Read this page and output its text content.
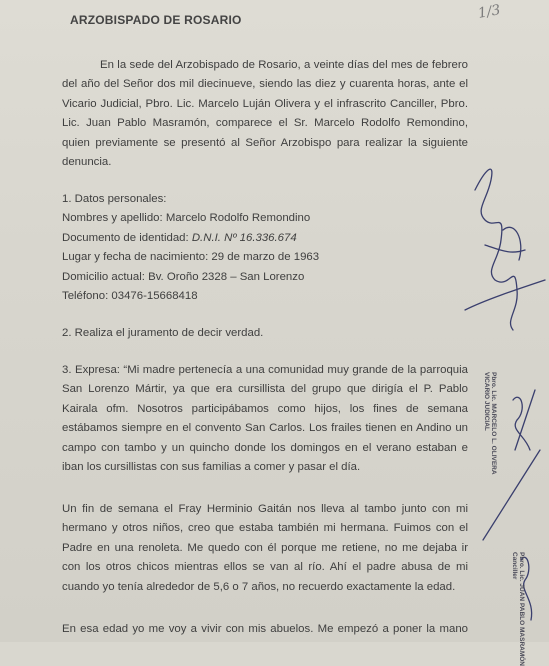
ARZOBISPADO DE ROSARIO	1/3
En la sede del Arzobispado de Rosario, a veinte días del mes de febrero
del año del Señor dos mil diecinueve, siendo las diez y cuarenta horas, ante el
Vicario Judicial, Pbro. Lic. Marcelo Luján Olivera y el infrascrito Canciller, Pbro.
Lic. Juan Pablo Masramón, comparece el Sr. Marcelo Rodolfo Remondino,
quien previamente se presentó al Señor Arzobispo para realizar la siguiente
denuncia.
1. Datos personales:
Nombres y apellido: Marcelo Rodolfo Remondino
Documento de identidad: D.N.I. Nº 16.336.674
Lugar y fecha de nacimiento: 29 de marzo de 1963
Domicilio actual: Bv. Oroño 2328 – San Lorenzo
Teléfono: 03476-15668418
2. Realiza el juramento de decir verdad.
3. Expresa: “Mi madre pertenecía a una comunidad muy grande de la parroquia
San Lorenzo Mártir, ya que era cursillista del grupo que dirigía el P. Pablo
Kairala ofm. Nosotros participábamos como hijos, los fines de semana
estábamos siempre en el convento San Carlos. Los frailes tienen en Andino un
campo con tambo y un quincho donde los domingos en el verano estaban e
iban los cursillistas con sus familias a comer y pasar el día.
Un fin de semana el Fray Herminio Gaitán nos lleva al tambo junto con mi
hermano y otros niños, creo que estaba también mi hermana. Fuimos con el
Padre en una renoleta. Me quedo con él porque me retiene, no me dejaba ir
con los otros chicos mientras ellos se van al río. Ahí el padre abusa de mi
cuando yo tenía alrededor de 5,6 o 7 años, no recuerdo exactamente la edad.
En esa edad yo me voy a vivir con mis abuelos. Me empezó a poner la mano
Pbro. Lic. MARCELO L. OLIVERA
VICARIO JUDICIAL
Pbro. Lic. JUAN PABLO MASRAMÓN
Canciller
